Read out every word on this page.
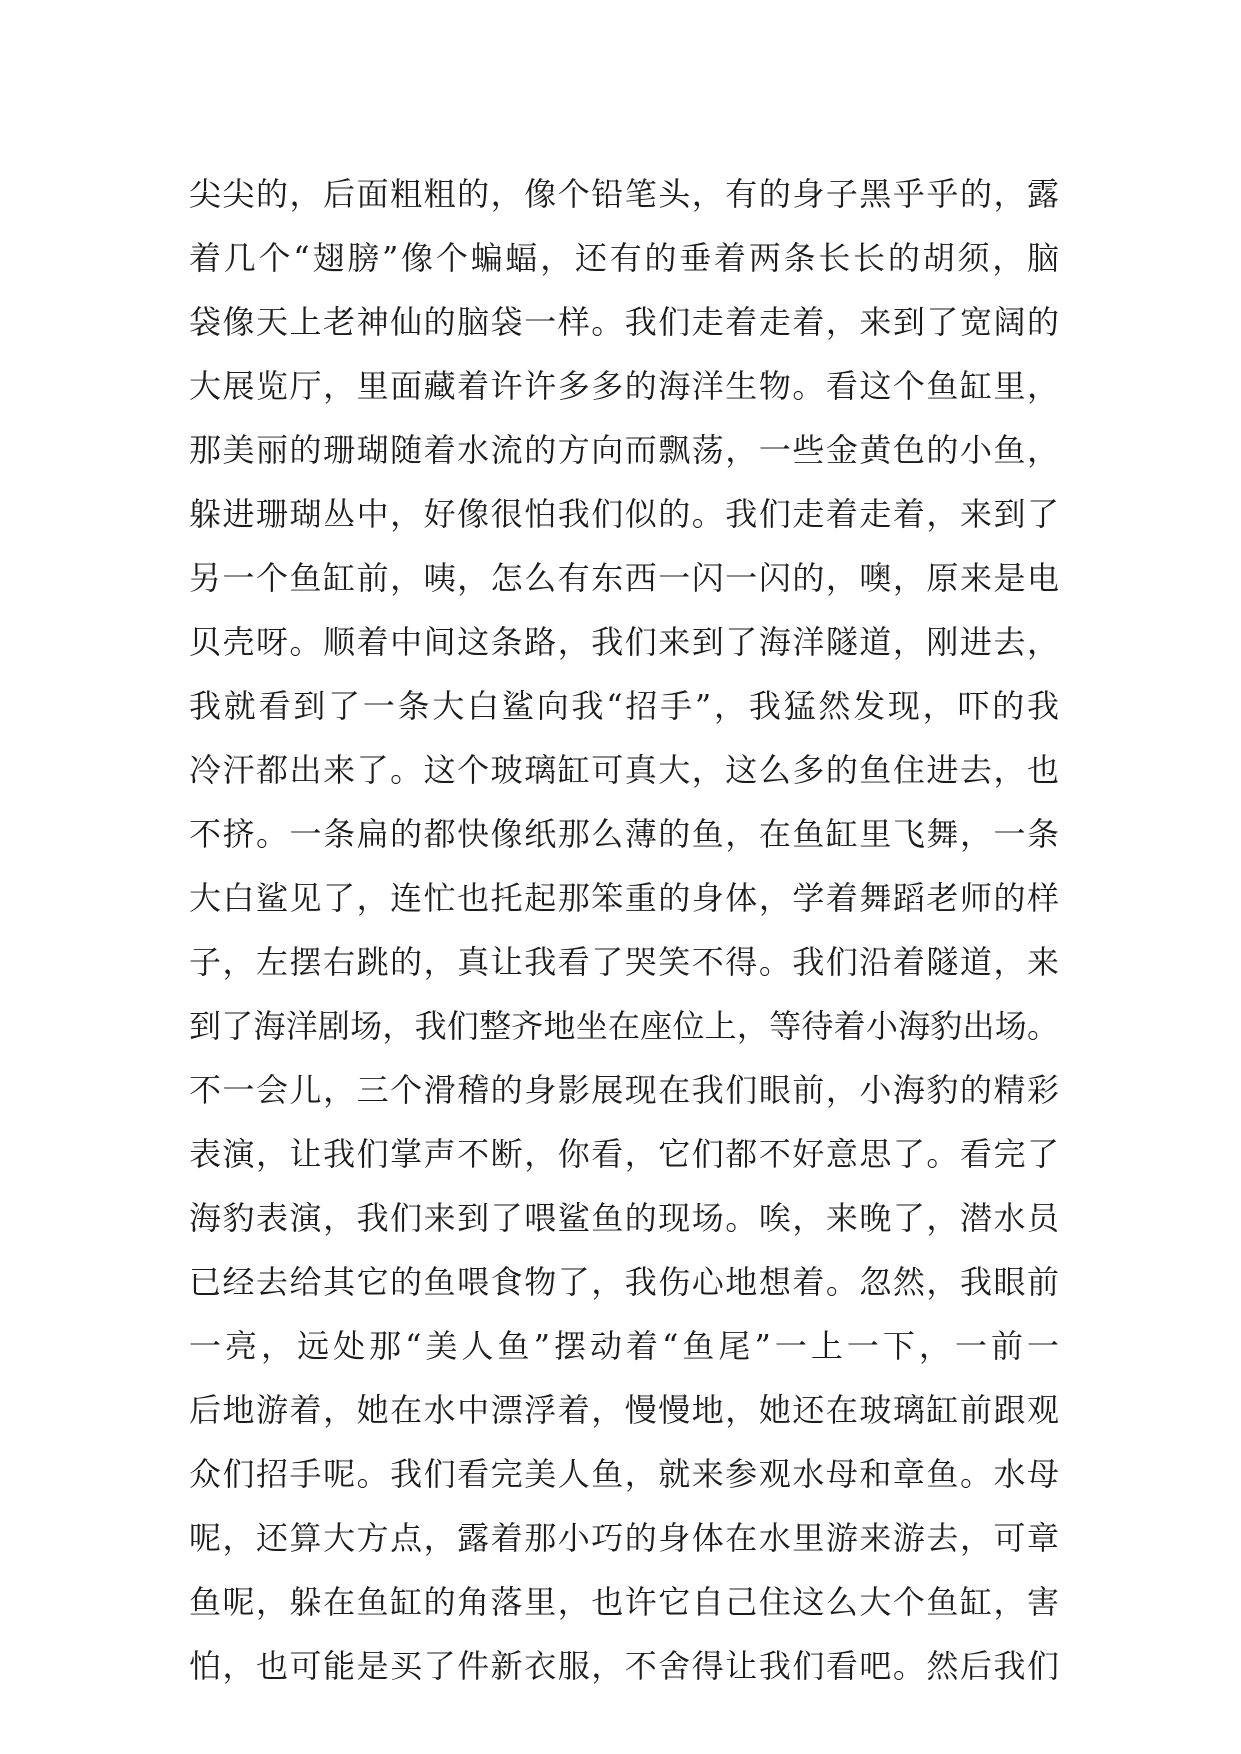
尖尖的，后面粗粗的，像个铅笔头，有的身子黑乎乎的，露
着几个“翅膀”像个蝙蝠，还有的垂着两条长长的胡须，脑
袋像天上老神仙的脑袋一样。我们走着走着，来到了宽阔的
大展览厅，里面藏着许许多多的海洋生物。看这个鱼缸里，
那美丽的珊瑚随着水流的方向而飘荡，一些金黄色的小鱼，
躲进珊瑚丛中，好像很怕我们似的。我们走着走着，来到了
另一个鱼缸前，咦，怎么有东西一闪一闪的，噢，原来是电
贝壳呀。顺着中间这条路，我们来到了海洋隧道，刚进去，
我就看到了一条大白鲨向我“招手”，我猛然发现，吓的我
冷汗都出来了。这个玻璃缸可真大，这么多的鱼住进去，也
不挤。一条扁的都快像纸那么薄的鱼，在鱼缸里飞舞，一条
大白鲨见了，连忙也托起那笨重的身体，学着舞蹈老师的样
子，左摆右跳的，真让我看了哭笑不得。我们沿着隧道，来
到了海洋剧场，我们整齐地坐在座位上，等待着小海豹出场。
不一会儿，三个滑稽的身影展现在我们眼前，小海豹的精彩
表演，让我们掌声不断，你看，它们都不好意思了。看完了
海豹表演，我们来到了喂鲨鱼的现场。唉，来晚了，潜水员
已经去给其它的鱼喂食物了，我伤心地想着。忽然，我眼前
一亮，远处那“美人鱼”摆动着“鱼尾”一上一下，一前一
后地游着，她在水中漂浮着，慢慢地，她还在玻璃缸前跟观
众们招手呢。我们看完美人鱼，就来参观水母和章鱼。水母
呢，还算大方点，露着那小巧的身体在水里游来游去，可章
鱼呢，躲在鱼缸的角落里，也许它自己住这么大个鱼缸，害
怕，也可能是买了件新衣服，不舍得让我们看吧。然后我们
